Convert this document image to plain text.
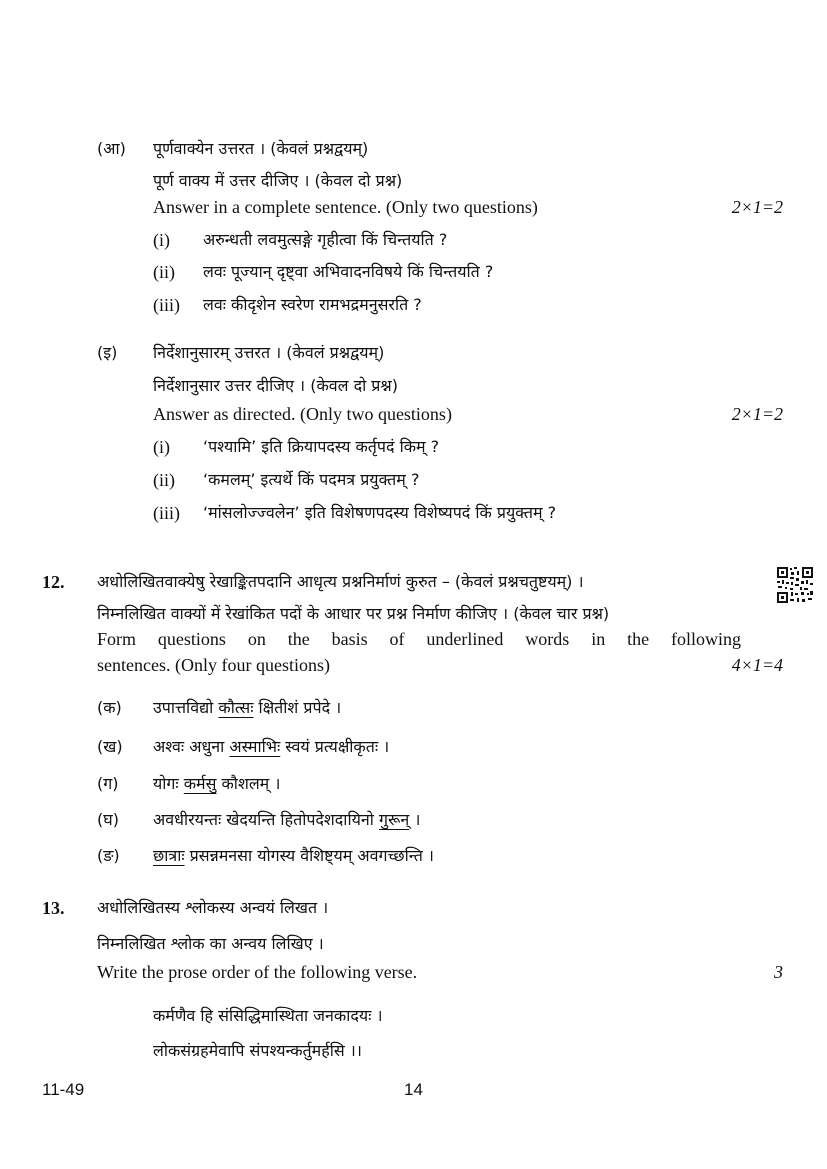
(आ) पूर्णवाक्येन उत्तरत । (केवलं प्रश्नद्वयम्)
पूर्ण वाक्य में उत्तर दीजिए । (केवल दो प्रश्न)
Answer in a complete sentence. (Only two questions)	2×1=2
(i) अरुन्धती लवमुत्सङ्गे गृहीत्वा किं चिन्तयति ?
(ii) लवः पूज्यान् दृष्ट्वा अभिवादनविषये किं चिन्तयति ?
(iii) लवः कीदृशेन स्वरेण रामभद्रमनुसरति ?
(इ) निर्देशानुसारम् उत्तरत । (केवलं प्रश्नद्वयम्)
निर्देशानुसार उत्तर दीजिए । (केवल दो प्रश्न)
Answer as directed. (Only two questions)	2×1=2
(i) ‘पश्यामि’ इति क्रियापदस्य कर्तृपदं किम् ?
(ii) ‘कमलम्’ इत्यर्थे किं पदमत्र प्रयुक्तम् ?
(iii) ‘मांसलोज्ज्वलेन’ इति विशेषणपदस्य विशेष्यपदं किं प्रयुक्तम् ?
12. अधोलिखितवाक्येषु रेखाङ्कितपदानि आधृत्य प्रश्ननिर्माणं कुरुत – (केवलं प्रश्नचतुष्टयम्) ।
निम्नलिखित वाक्यों में रेखांकित पदों के आधार पर प्रश्न निर्माण कीजिए । (केवल चार प्रश्न)
Form questions on the basis of underlined words in the following
sentences. (Only four questions)	4×1=4
(क) उपात्तविद्यो कौत्सः क्षितीशं प्रपेदे ।
(ख) अश्वः अधुना अस्माभिः स्वयं प्रत्यक्षीकृतः ।
(ग) योगः कर्मसु कौशलम् ।
(घ) अवधीरयन्तः खेदयन्ति हितोपदेशदायिनो गुरून् ।
(ङ) छात्राः प्रसन्नमनसा योगस्य वैशिष्ट्यम् अवगच्छन्ति ।
13. अधोलिखितस्य श्लोकस्य अन्वयं लिखत ।
निम्नलिखित श्लोक का अन्वय लिखिए ।
Write the prose order of the following verse.	3
कर्मणैव हि संसिद्धिमास्थिता जनकादयः ।
लोकसंग्रहमेवापि संपश्यन्कर्तुमर्हसि ।।
11-49	14
